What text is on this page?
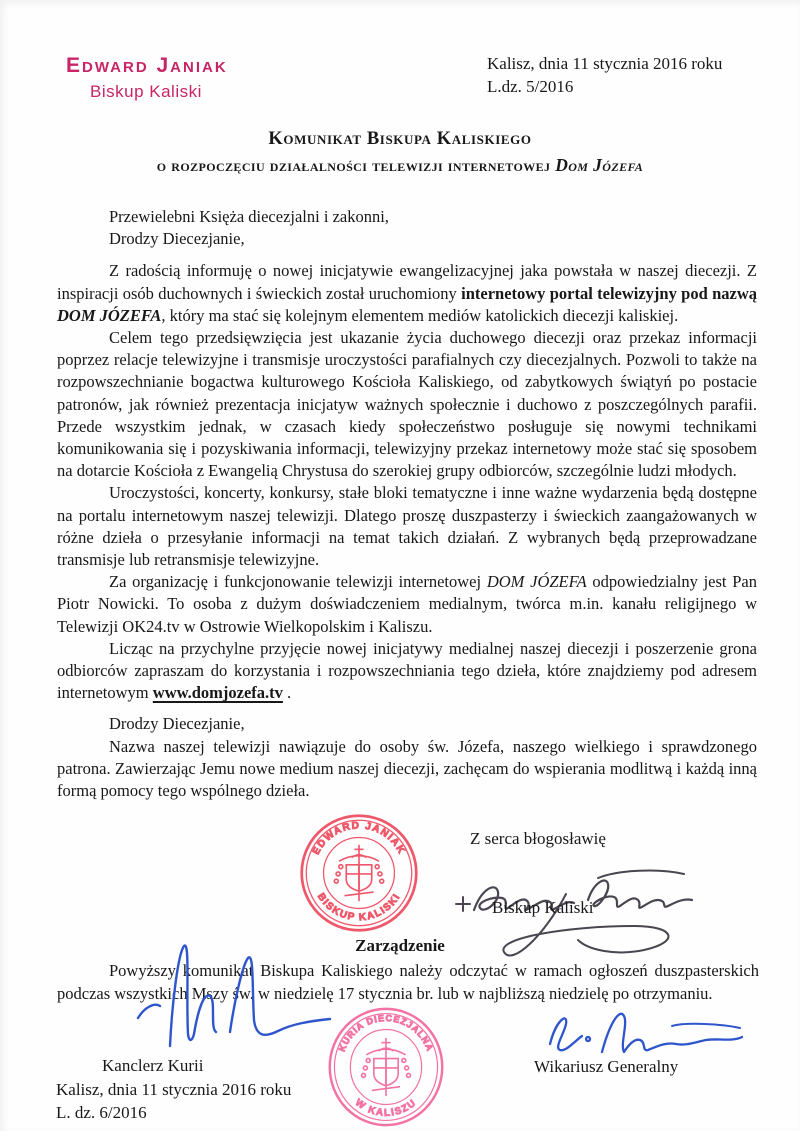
Edward Janiak
Biskup Kaliski
Kalisz, dnia 11 stycznia 2016 roku
L.dz. 5/2016
Komunikat Biskupa Kaliskiego
o rozpoczęciu działalności telewizji internetowej Dom Józefa
Przewielebni Księża diecezjalni i zakonni,
Drodzy Diecezjanie,

Z radością informuję o nowej inicjatywie ewangelizacyjnej jaka powstała w naszej diecezji. Z inspiracji osób duchownych i świeckich został uruchomiony internetowy portal telewizyjny pod nazwą DOM JÓZEFA, który ma stać się kolejnym elementem mediów katolickich diecezji kaliskiej.

Celem tego przedsięwzięcia jest ukazanie życia duchowego diecezji oraz przekaz informacji poprzez relacje telewizyjne i transmisje uroczystości parafialnych czy diecezjalnych. Pozwoli to także na rozpowszechnianie bogactwa kulturowego Kościoła Kaliskiego, od zabytkowych świątyń po postacie patronów, jak również prezentacja inicjatyw ważnych społecznie i duchowo z poszczególnych parafii. Przede wszystkim jednak, w czasach kiedy społeczeństwo posługuje się nowymi technikami komunikowania się i pozyskiwania informacji, telewizyjny przekaz internetowy może stać się sposobem na dotarcie Kościoła z Ewangelią Chrystusa do szerokiej grupy odbiorców, szczególnie ludzi młodych.

Uroczystości, koncerty, konkursy, stałe bloki tematyczne i inne ważne wydarzenia będą dostępne na portalu internetowym naszej telewizji. Dlatego proszę duszpasterzy i świeckich zaangażowanych w różne dzieła o przesyłanie informacji na temat takich działań. Z wybranych będą przeprowadzane transmisje lub retransmisje telewizyjne.

Za organizację i funkcjonowanie telewizji internetowej DOM JÓZEFA odpowiedzialny jest Pan Piotr Nowicki. To osoba z dużym doświadczeniem medialnym, twórca m.in. kanału religijnego w Telewizji OK24.tv w Ostrowie Wielkopolskim i Kaliszu.

Licząc na przychylne przyjęcie nowej inicjatywy medialnej naszej diecezji i poszerzenie grona odbiorców zapraszam do korzystania i rozpowszechniania tego dzieła, które znajdziemy pod adresem internetowym www.domjozefa.tv .

Drodzy Diecezjanie,

Nazwa naszej telewizji nawiązuje do osoby św. Józefa, naszego wielkiego i sprawdzonego patrona. Zawierzając Jemu nowe medium naszej diecezji, zachęcam do wspierania modlitwą i każdą inną formą pomocy tego wspólnego dzieła.

EDWARD JANIAK
BISKUP KALISKI
Z serca błogosławię
Biskup Kaliski
Zarządzenie
Powyższy komunikat Biskupa Kaliskiego należy odczytać w ramach ogłoszeń duszpasterskich podczas wszystkich Mszy św. w niedzielę 17 stycznia br. lub w najbliższą niedzielę po otrzymaniu.
Kanclerz Kurii
Kalisz, dnia 11 stycznia 2016 roku
L. dz. 6/2016
KURIA DIECEZJALNA
W KALISZU
Wikariusz Generalny
